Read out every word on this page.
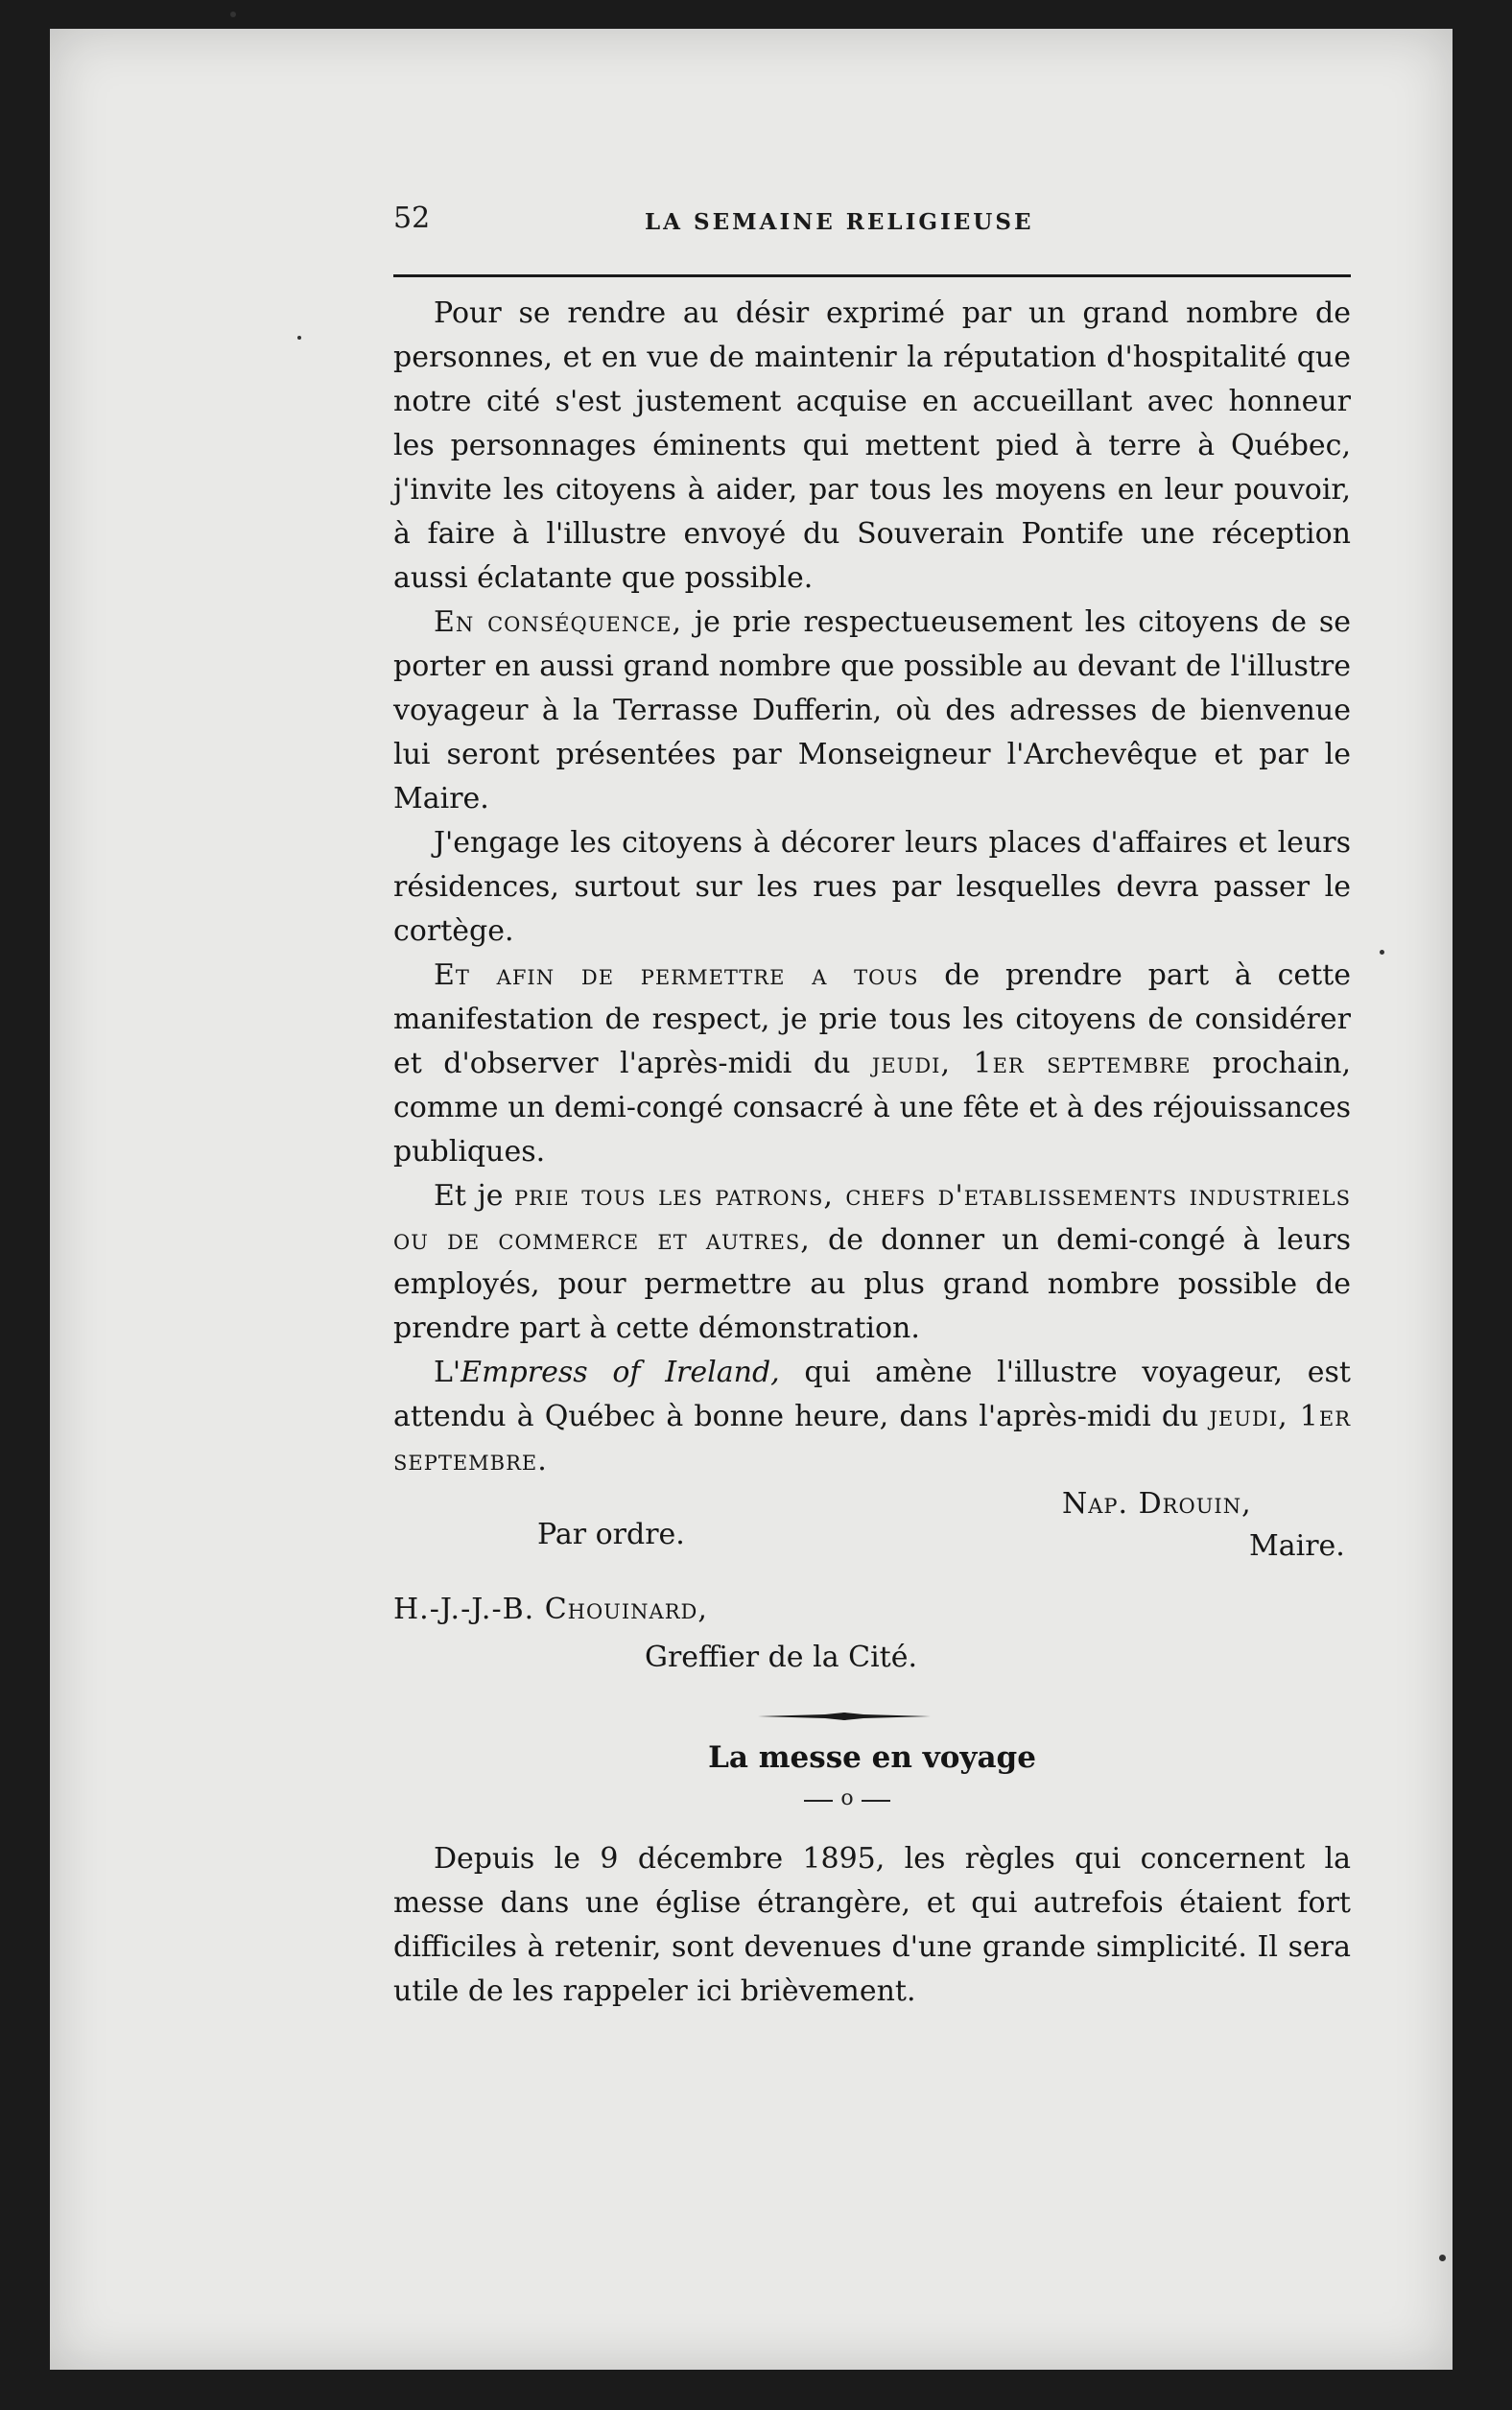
52	LA SEMAINE RELIGIEUSE

Pour se rendre au désir exprimé par un grand nombre de personnes, et en vue de maintenir la réputation d'hospitalité que notre cité s'est justement acquise en accueillant avec honneur les personnages éminents qui mettent pied à terre à Québec, j'invite les citoyens à aider, par tous les moyens en leur pouvoir, à faire à l'illustre envoyé du Souverain Pontife une réception aussi éclatante que possible.

En conséquence, je prie respectueusement les citoyens de se porter en aussi grand nombre que possible au devant de l'illustre voyageur à la Terrasse Dufferin, où des adresses de bienvenue lui seront présentées par Monseigneur l'Archevêque et par le Maire.

J'engage les citoyens à décorer leurs places d'affaires et leurs résidences, surtout sur les rues par lesquelles devra passer le cortège.

Et afin de permettre a tous de prendre part à cette manifestation de respect, je prie tous les citoyens de considérer et d'observer l'après-midi du jeudi, 1er septembre prochain, comme un demi-congé consacré à une fête et à des réjouissances publiques.

Et je prie tous les patrons, chefs d'etablissements industriels ou de commerce et autres, de donner un demi-congé à leurs employés, pour permettre au plus grand nombre possible de prendre part à cette démonstration.

L'Empress of Ireland, qui amène l'illustre voyageur, est attendu à Québec à bonne heure, dans l'après-midi du jeudi, 1er septembre.

Nap. Drouin,
Maire.
Par ordre.
H.-J.-J.-B. Chouinard,
Greffier de la Cité.
La messe en voyage
o

Depuis le 9 décembre 1895, les règles qui concernent la messe dans une église étrangère, et qui autrefois étaient fort difficiles à retenir, sont devenues d'une grande simplicité. Il sera utile de les rappeler ici brièvement.
